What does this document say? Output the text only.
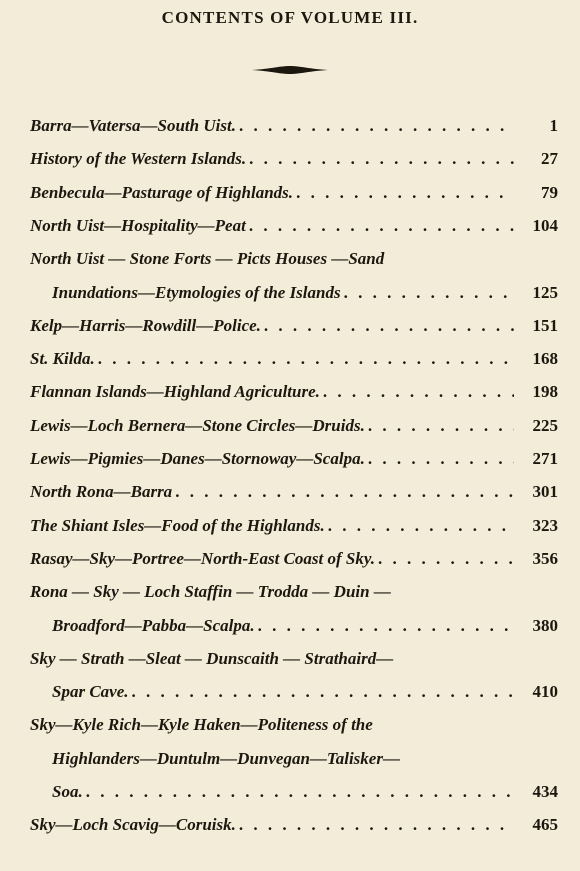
CONTENTS OF VOLUME III.
Barra—Vatersa—South Uist. . . .	1
History of the Western Islands. . . .	27
Benbecula—Pasturage of Highlands. . . .	79
North Uist—Hospitality—Peat . . .	104
North Uist — Stone Forts — Picts Houses —Sand
Inundations—Etymologies of the Islands . . .	125
Kelp—Harris—Rowdill—Police. . . .	151
St. Kilda. . . .	168
Flannan Islands—Highland Agriculture. . . .	198
Lewis—Loch Bernera—Stone Circles—Druids. . . .	225
Lewis—Pigmies—Danes—Stornoway—Scalpa. . . .	271
North Rona—Barra . . .	301
The Shiant Isles—Food of the Highlands. . . .	323
Rasay—Sky—Portree—North-East Coast of Sky. . . .	356
Rona — Sky — Loch Staffin — Trodda — Duin —
Broadford—Pabba—Scalpa. . . .	380
Sky — Strath —Sleat — Dunscaith — Strathaird—
Spar Cave. . . .	410
Sky—Kyle Rich—Kyle Haken—Politeness of the
Highlanders—Duntulm—Dunvegan—Talisker—
Soa. . . .	434
Sky—Loch Scavig—Coruisk. . . .	465
